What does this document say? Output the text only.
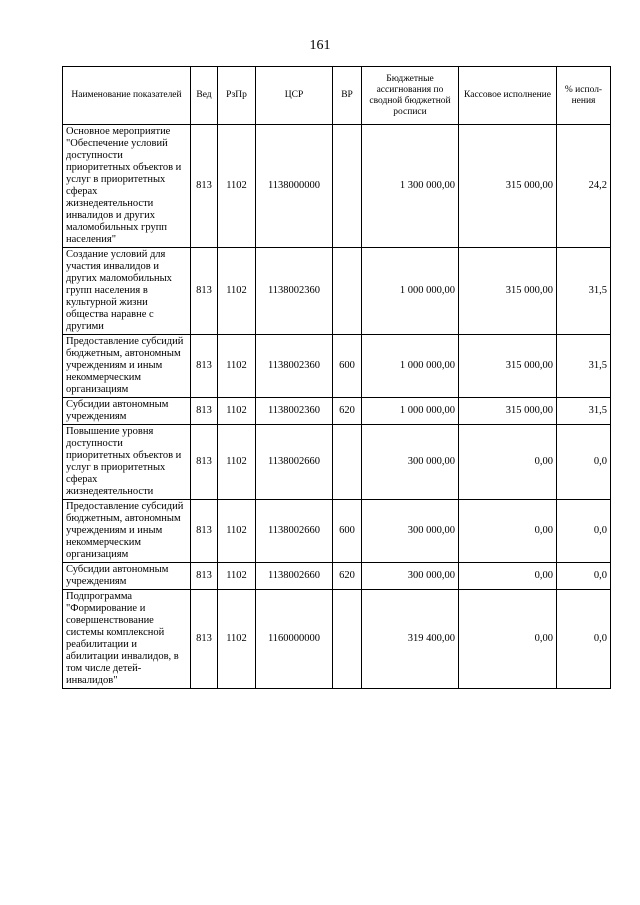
161
Наименование показателей	Вед	РзПр	ЦСР	ВР	Бюджетные ассигнования по сводной бюджетной росписи	Кассовое исполнение	% испол-нения
Основное мероприятие "Обеспечение условий доступности приоритетных объектов и услуг в приоритетных сферах жизнедеятельности инвалидов и других маломобильных групп населения"	813	1102	1138000000		1 300 000,00	315 000,00	24,2
Создание условий для участия инвалидов и других маломобильных групп населения в культурной жизни общества наравне с другими	813	1102	1138002360		1 000 000,00	315 000,00	31,5
Предоставление субсидий бюджетным, автономным учреждениям и иным некоммерческим организациям	813	1102	1138002360	600	1 000 000,00	315 000,00	31,5
Субсидии автономным учреждениям	813	1102	1138002360	620	1 000 000,00	315 000,00	31,5
Повышение уровня доступности приоритетных объектов и услуг в приоритетных сферах жизнедеятельности	813	1102	1138002660		300 000,00	0,00	0,0
Предоставление субсидий бюджетным, автономным учреждениям и иным некоммерческим организациям	813	1102	1138002660	600	300 000,00	0,00	0,0
Субсидии автономным учреждениям	813	1102	1138002660	620	300 000,00	0,00	0,0
Подпрограмма "Формирование и совершенствование системы комплексной реабилитации и абилитации инвалидов, в том числе детей-инвалидов"	813	1102	1160000000		319 400,00	0,00	0,0
